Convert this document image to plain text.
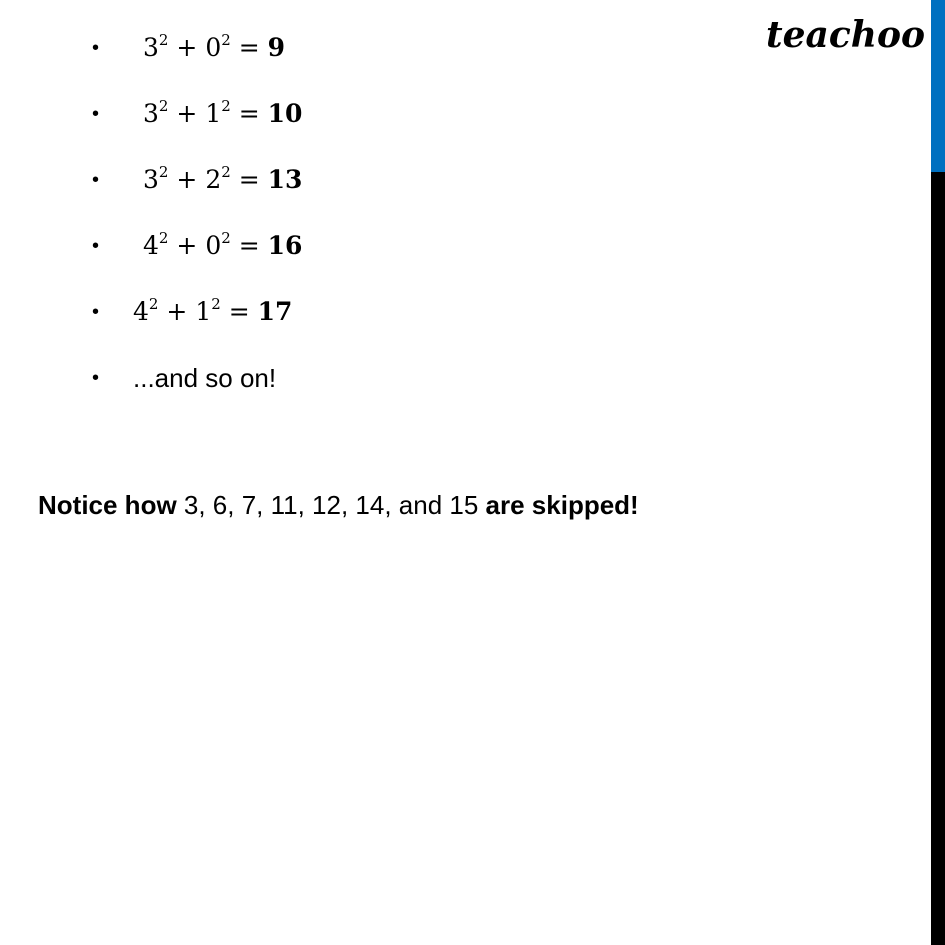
teachoo
• $3^2 + 0^2 = 9$
• $3^2 + 1^2 = 10$
• $3^2 + 2^2 = 13$
• $4^2 + 0^2 = 16$
• $4^2 + 1^2 = 17$
• ...and so on!
Notice how 3, 6, 7, 11, 12, 14, and 15 are skipped!
